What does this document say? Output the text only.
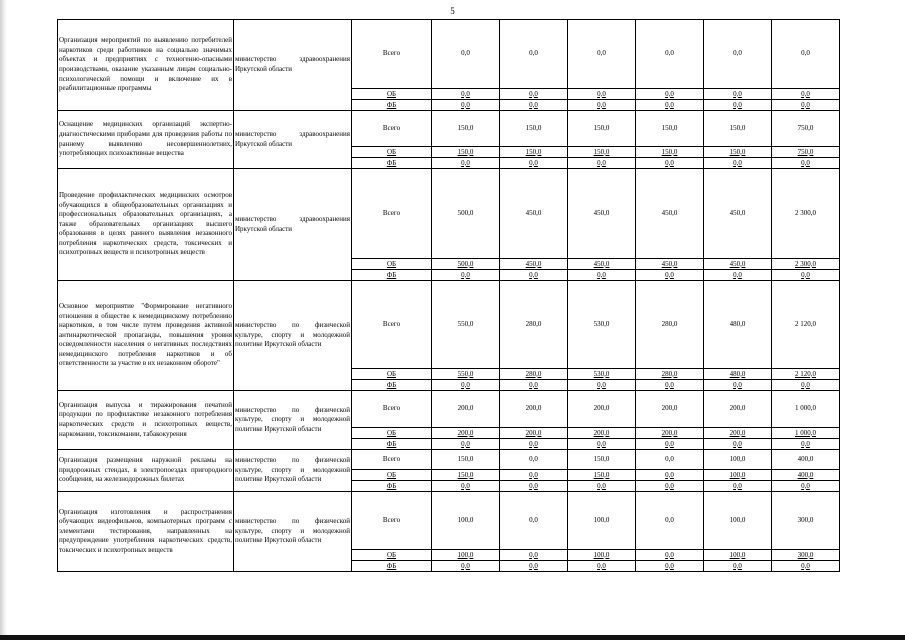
5
Организация мероприятий по выявлению потребителей наркотиков среди работников на социально значимых объектах и предприятиях с техногенно-опасными производствами, оказание указанным лицам социально-психологической помощи и включение их в реабилитационные программы	министерство здравоохранения Иркутской области	Всего	0,0	0,0	0,0	0,0	0,0	0,0
		ОБ	0,0	0,0	0,0	0,0	0,0	0,0
		ФБ	0,0	0,0	0,0	0,0	0,0	0,0
Оснащение медицинских организаций экспертно-диагностическими приборами для проведения работы по раннему выявлению несовершеннолетних, употребляющих психоактивные вещества	министерство здравоохранения Иркутской области	Всего	150,0	150,0	150,0	150,0	150,0	750,0
		ОБ	150,0	150,0	150,0	150,0	150,0	750,0
		ФБ	0,0	0,0	0,0	0,0	0,0	0,0
Проведение профилактических медицинских осмотров обучающихся в общеобразовательных организациях и профессиональных образовательных организациях, а также образовательных организациях высшего образования в целях раннего выявления незаконного потребления наркотических средств, токсических и психотропных веществ и психотропных веществ	министерство здравоохранения Иркутской области	Всего	500,0	450,0	450,0	450,0	450,0	2 300,0
		ОБ	500,0	450,0	450,0	450,0	450,0	2 300,0
		ФБ	0,0	0,0	0,0	0,0	0,0	0,0
Основное мероприятие "Формирование негативного отношения в обществе к немедицинскому потреблению наркотиков, в том числе путем проведения активной антинаркотической пропаганды, повышения уровня осведомленности населения о негативных последствиях немедицинского потребления наркотиков и об ответственности за участие в их незаконном обороте"	министерство по физической культуре, спорту и молодежной политике Иркутской области	Всего	550,0	280,0	530,0	280,0	480,0	2 120,0
		ОБ	550,0	280,0	530,0	280,0	480,0	2 120,0
		ФБ	0,0	0,0	0,0	0,0	0,0	0,0
Организация выпуска и тиражирования печатной продукции по профилактике незаконного потребления наркотических средств и психотропных веществ, наркомании, токсикомании, табакокурения	министерство по физической культуре, спорту и молодежной политике Иркутской области	Всего	200,0	200,0	200,0	200,0	200,0	1 000,0
		ОБ	200,0	200,0	200,0	200,0	200,0	1 000,0
		ФБ	0,0	0,0	0,0	0,0	0,0	0,0
Организация размещения наружной рекламы на придорожных стендах, в электропоездах пригородного сообщения, на железнодорожных билетах	министерство по физической культуре, спорту и молодежной политике Иркутской области	Всего	150,0	0,0	150,0	0,0	100,0	400,0
		ОБ	150,0	0,0	150,0	0,0	100,0	400,0
		ФБ	0,0	0,0	0,0	0,0	0,0	0,0
Организация изготовления и распространения обучающих видеофильмов, компьютерных программ с элементами тестирования, направленных на предупреждение употребления наркотических средств, токсических и психотропных веществ	министерство по физической культуре, спорту и молодежной политике Иркутской области	Всего	100,0	0,0	100,0	0,0	100,0	300,0
		ОБ	100,0	0,0	100,0	0,0	100,0	300,0
		ФБ	0,0	0,0	0,0	0,0	0,0	0,0
